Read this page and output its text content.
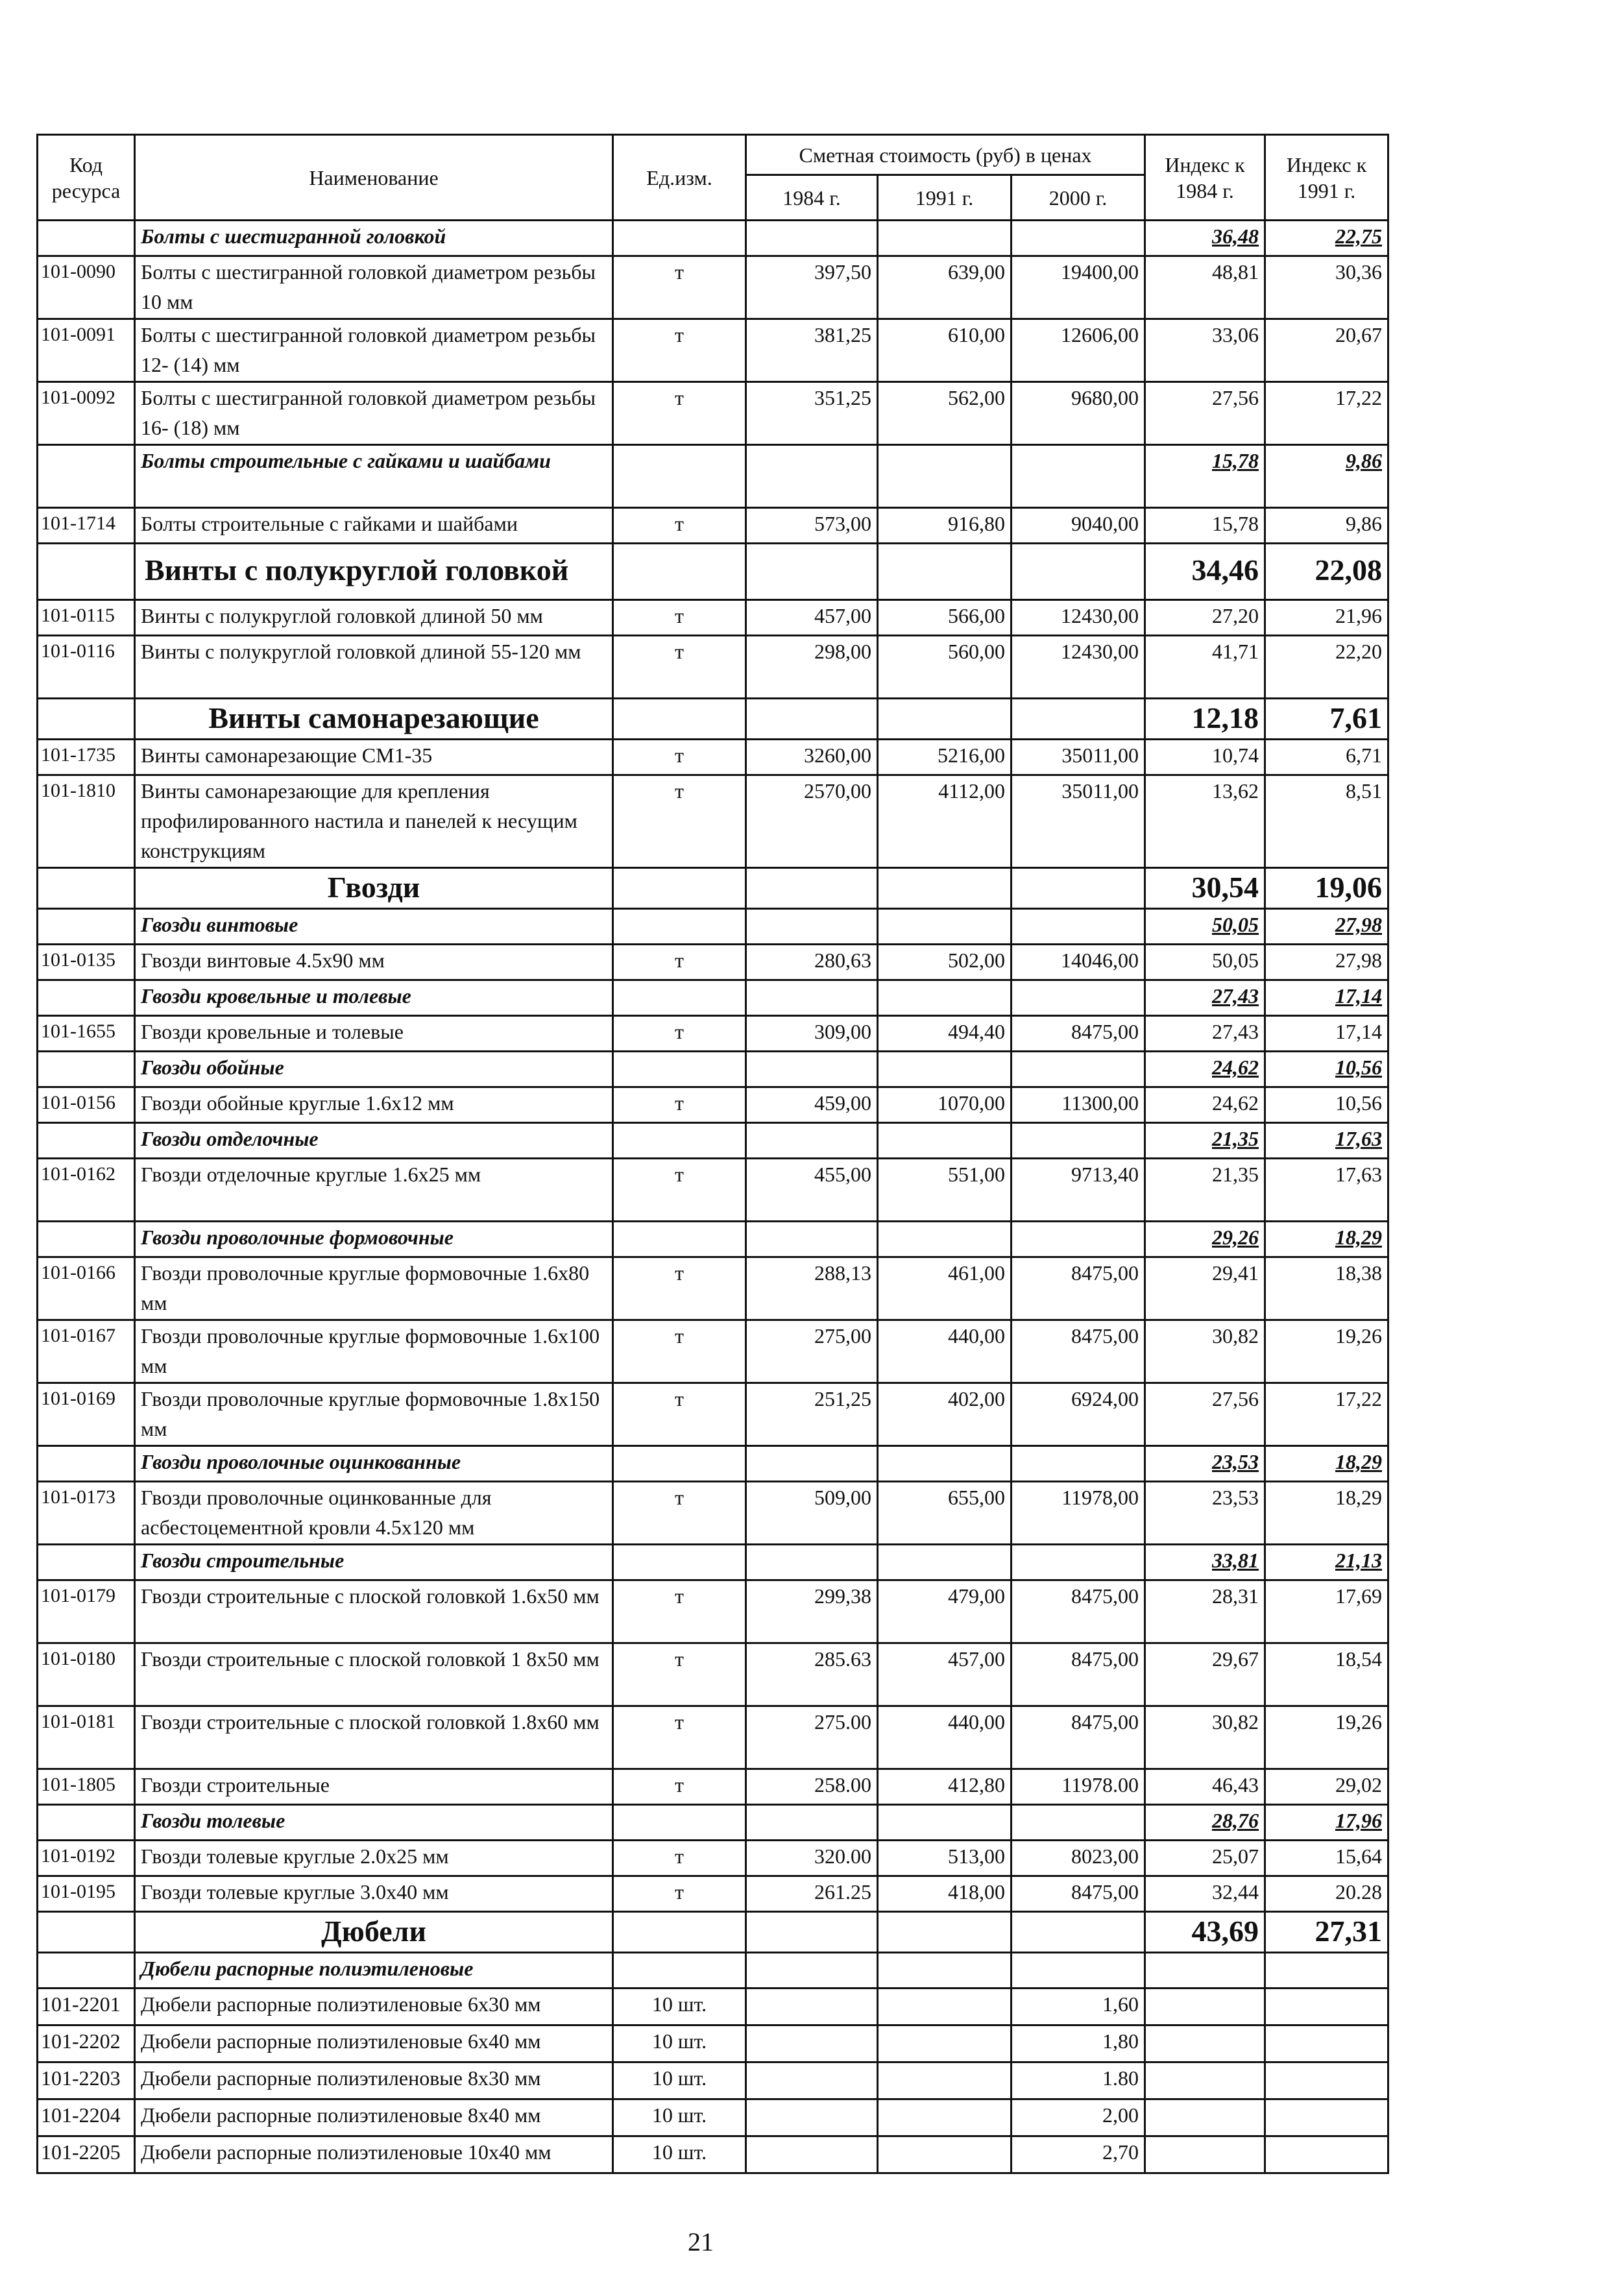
Код ресурса	Наименование	Ед.изм.	Сметная стоимость (руб) в ценах			Индекс к 1984 г.	Индекс к 1991 г.
			1984 г.	1991 г.	2000 г.		
	Болты с шестигранной головкой					36,48	22,75
101-0090	Болты с шестигранной головкой диаметром резьбы 10 мм	т	397,50	639,00	19400,00	48,81	30,36
101-0091	Болты с шестигранной головкой диаметром резьбы 12- (14) мм	т	381,25	610,00	12606,00	33,06	20,67
101-0092	Болты с шестигранной головкой диаметром резьбы 16- (18) мм	т	351,25	562,00	9680,00	27,56	17,22
	Болты строительные с гайками и шайбами					15,78	9,86
101-1714	Болты строительные с гайками и шайбами	т	573,00	916,80	9040,00	15,78	9,86
	Винты с полукруглой головкой					34,46	22,08
101-0115	Винты с полукруглой головкой длиной 50 мм	т	457,00	566,00	12430,00	27,20	21,96
101-0116	Винты с полукруглой головкой длиной 55-120 мм	т	298,00	560,00	12430,00	41,71	22,20
	Винты самонарезающие					12,18	7,61
101-1735	Винты самонарезающие СМ1-35	т	3260,00	5216,00	35011,00	10,74	6,71
101-1810	Винты самонарезающие для крепления профилированного настила и панелей к несущим конструкциям	т	2570,00	4112,00	35011,00	13,62	8,51
	Гвозди					30,54	19,06
	Гвозди винтовые					50,05	27,98
101-0135	Гвозди винтовые 4.5х90 мм	т	280,63	502,00	14046,00	50,05	27,98
	Гвозди кровельные и толевые					27,43	17,14
101-1655	Гвозди кровельные и толевые	т	309,00	494,40	8475,00	27,43	17,14
	Гвозди обойные					24,62	10,56
101-0156	Гвозди обойные круглые 1.6х12 мм	т	459,00	1070,00	11300,00	24,62	10,56
	Гвозди отделочные					21,35	17,63
101-0162	Гвозди отделочные круглые 1.6х25 мм	т	455,00	551,00	9713,40	21,35	17,63
	Гвозди проволочные формовочные					29,26	18,29
101-0166	Гвозди проволочные круглые формовочные 1.6х80 мм	т	288,13	461,00	8475,00	29,41	18,38
101-0167	Гвозди проволочные круглые формовочные 1.6х100 мм	т	275,00	440,00	8475,00	30,82	19,26
101-0169	Гвозди проволочные круглые формовочные 1.8х150 мм	т	251,25	402,00	6924,00	27,56	17,22
	Гвозди проволочные оцинкованные					23,53	18,29
101-0173	Гвозди проволочные оцинкованные для асбестоцементной кровли 4.5х120 мм	т	509,00	655,00	11978,00	23,53	18,29
	Гвозди строительные					33,81	21,13
101-0179	Гвозди строительные с плоской головкой 1.6х50 мм	т	299,38	479,00	8475,00	28,31	17,69
101-0180	Гвозди строительные с плоской головкой 1 8х50 мм	т	285.63	457,00	8475,00	29,67	18,54
101-0181	Гвозди строительные с плоской головкой 1.8х60 мм	т	275.00	440,00	8475,00	30,82	19,26
101-1805	Гвозди строительные	т	258.00	412,80	11978.00	46,43	29,02
	Гвозди толевые					28,76	17,96
101-0192	Гвозди толевые круглые 2.0х25 мм	т	320.00	513,00	8023,00	25,07	15,64
101-0195	Гвозди толевые круглые 3.0х40 мм	т	261.25	418,00	8475,00	32,44	20.28
	Дюбели					43,69	27,31
	Дюбели распорные полиэтиленовые						
101-2201	Дюбели распорные полиэтиленовые 6х30 мм	10 шт.			1,60		
101-2202	Дюбели распорные полиэтиленовые 6х40 мм	10 шт.			1,80		
101-2203	Дюбели распорные полиэтиленовые 8х30 мм	10 шт.			1.80		
101-2204	Дюбели распорные полиэтиленовые 8х40 мм	10 шт.			2,00		
101-2205	Дюбели распорные полиэтиленовые 10х40 мм	10 шт.			2,70		
21
